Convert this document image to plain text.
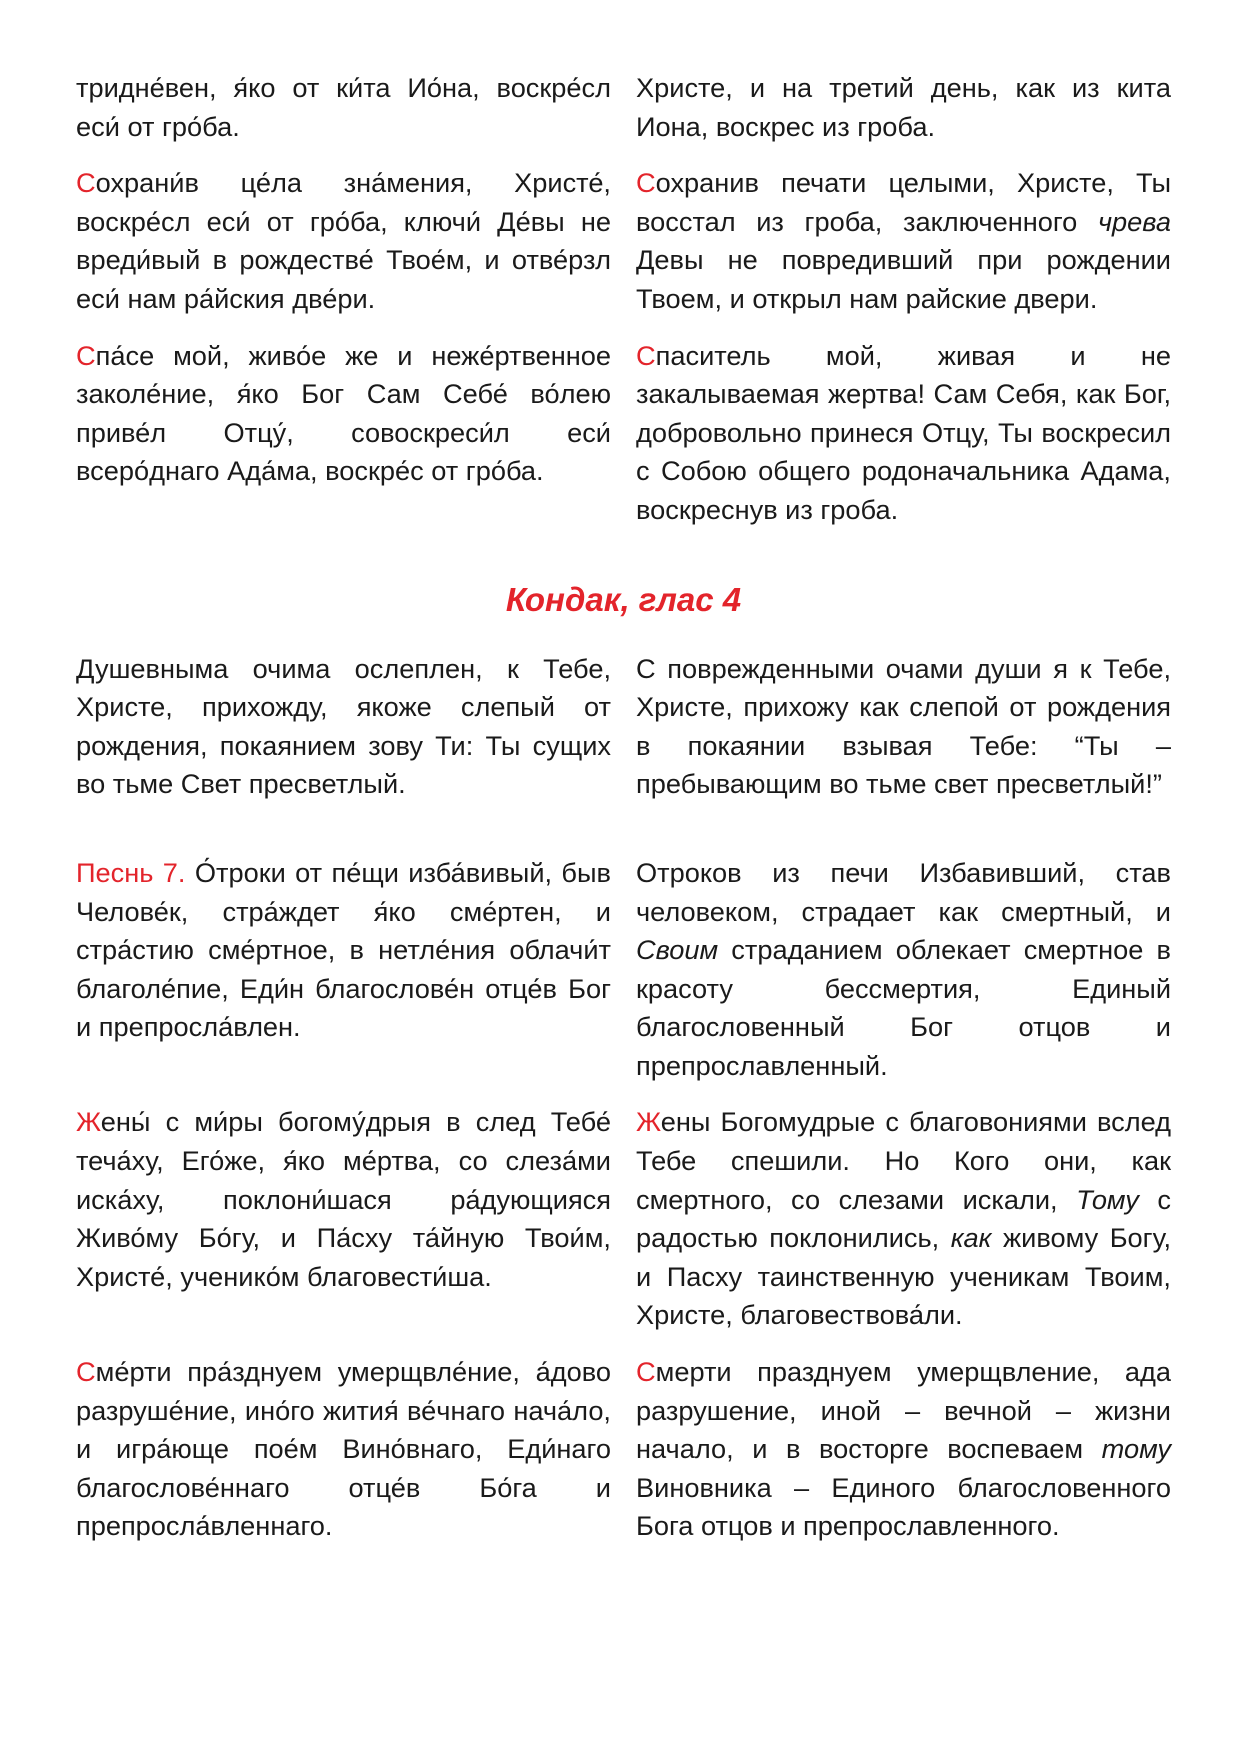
тридне́вен, я́ко от ки́та Ио́на, воскре́сл еси́ от гро́ба.

Христе, и на третий день, как из кита Иона, воскрес из гроба.

Сохрани́в це́ла зна́мения, Христе́, воскре́сл еси́ от гро́ба, ключи́ Де́вы не вреди́вый в рождестве́ Твое́м, и отве́рзл еси́ нам ра́йския две́ри.

Сохранив печати целыми, Христе, Ты восстал из гроба, заключенного чрева Девы не повредивший при рождении Твоем, и открыл нам райские двери.

Спа́се мой, живо́е же и неже́ртвенное заколе́ние, я́ко Бог Сам Себе́ во́лею приве́л Отцу́, совоскреси́л еси́ всеро́днаго Ада́ма, воскре́с от гро́ба.

Спаситель мой, живая и не закалываемая жертва! Сам Себя, как Бог, добровольно принеся Отцу, Ты воскресил с Собою общего родоначальника Адама, воскреснув из гроба.

Кондак, глас 4

Душевныма очима ослеплен, к Тебе, Христе, прихожду, якоже слепый от рождения, покаянием зову Ти: Ты сущих во тьме Свет пресветлый.

С поврежденными очами души я к Тебе, Христе, прихожу как слепой от рождения в покаянии взывая Тебе: “Ты – пребывающим во тьме свет пресветлый!”

Песнь 7. О́троки от пе́щи изба́вивый, быв Челове́к, стра́ждет я́ко сме́ртен, и стра́стию сме́ртное, в нетле́ния облачи́т благоле́пие, Еди́н благослове́н отце́в Бог и препросла́влен.

Отроков из печи Избавивший, став человеком, страдает как смертный, и Своим страданием облекает смертное в красоту бессмертия, Единый благословенный Бог отцов и препрославленный.

Жены́ с ми́ры богому́дрыя в след Тебе́ теча́ху, Его́же, я́ко ме́ртва, со слеза́ми иска́ху, поклони́шася ра́дующияся Живо́му Бо́гу, и Па́сху та́йную Твои́м, Христе́, ученико́м благовести́ша.

Жены Богомудрые с благовониями вслед Тебе спешили. Но Кого они, как смертного, со слезами искали, Тому с радостью поклонились, как живому Богу, и Пасху таинственную ученикам Твоим, Христе, благовествова́ли.

Сме́рти пра́зднуем умерщвле́ние, а́дово разруше́ние, ино́го жития́ ве́чнаго нача́ло, и игра́юще пое́м Вино́внаго, Еди́наго благослове́ннаго отце́в Бо́га и препросла́вленнаго.

Смерти празднуем умерщвление, ада разрушение, иной – вечной – жизни начало, и в восторге воспеваем тому Виновника – Единого благословенного Бога отцов и препрославленного.
